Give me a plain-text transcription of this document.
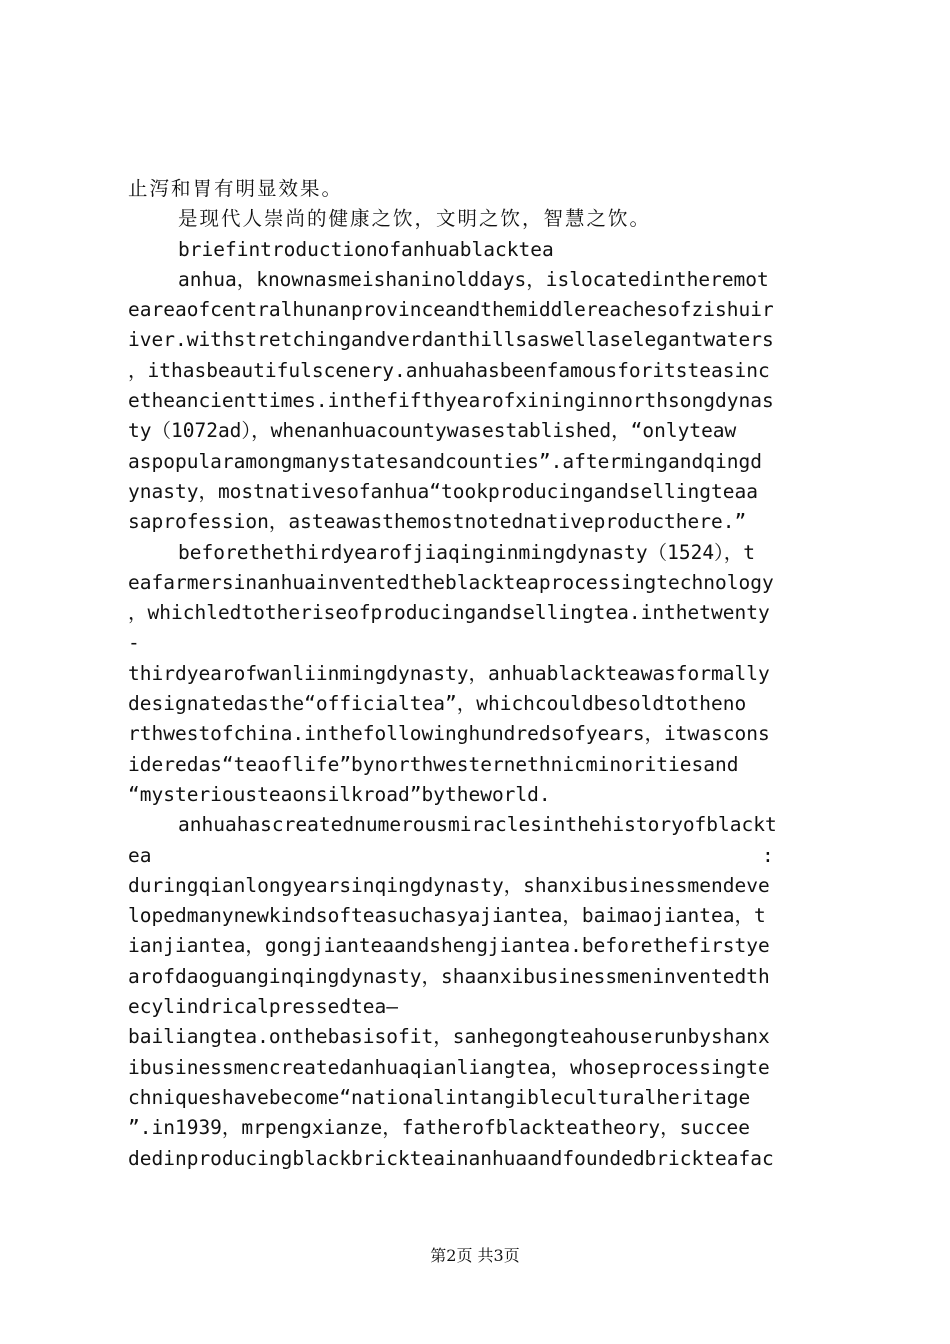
止泻和胃有明显效果。
是现代人崇尚的健康之饮，文明之饮，智慧之饮。
briefintroductionofanhuablacktea
anhua，knownasmeishaninolddays，islocatedintheremot
eareaofcentralhunanprovinceandthemiddlereachesofzishuir
iver.withstretchingandverdanthillsaswellaselegantwaters
，ithasbeautifulscenery.anhuahasbeenfamousforitsteasinc
etheancienttimes.inthefifthyearofxininginnorthsongdynas
ty（1072ad），whenanhuacountywasestablished，“onlyteaw
aspopularamongmanystatesandcounties”.aftermingandqingd
ynasty，mostnativesofanhua“tookproducingandsellingteaa
saprofession，asteawasthemostnotednativeproducthere.”
beforethethirdyearofjiaqinginmingdynasty（1524），t
eafarmersinanhuainventedtheblackteaprocessingtechnology
，whichledtotheriseofproducingandsellingtea.inthetwenty
-
thirdyearofwanliinmingdynasty，anhuablackteawasformally
designatedasthe“officialtea”，whichcouldbesoldtotheno
rthwestofchina.inthefollowinghundredsofyears，itwascons
ideredas“teaoflife”bynorthwesternethnicminoritiesand
“mysteriousteaonsilkroad”bytheworld.
anhuahascreatednumerousmiraclesinthehistoryofblackt
ea                                                    :
duringqianlongyearsinqingdynasty，shanxibusinessmendeve
lopedmanynewkindsofteasuchasyajiantea，baimaojiantea，t
ianjiantea，gongjianteaandshengjiantea.beforethefirstye
arofdaoguanginqingdynasty，shaanxibusinessmeninventedth
ecylindricalpressedtea—
bailiangtea.onthebasisofit，sanhegongteahouserunbyshanx
ibusinessmencreatedanhuaqianliangtea，whoseprocessingte
chniqueshavebecome“nationalintangibleculturalheritage
”.in1939，mrpengxianze，fatherofblackteatheory，succee
dedinproducingblackbrickteainanhuaandfoundedbrickteafac
第2页 共3页
